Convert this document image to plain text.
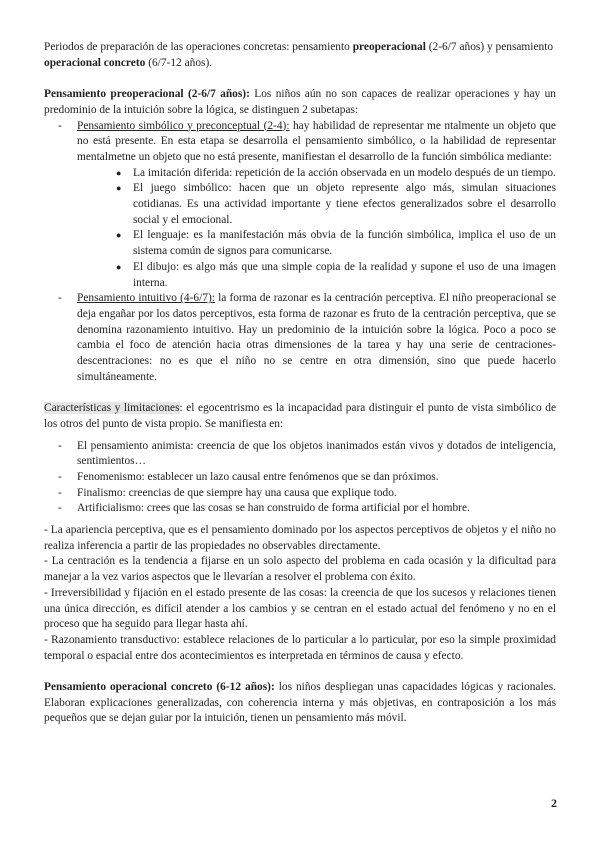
Periodos de preparación de las operaciones concretas: pensamiento preoperacional (2-6/7 años) y pensamiento operacional concreto (6/7-12 años).

Pensamiento preoperacional (2-6/7 años): Los niños aún no son capaces de realizar operaciones y hay un predominio de la intuición sobre la lógica, se distinguen 2 subetapas:

- Pensamiento simbólico y preconceptual (2-4): hay habilidad de representar me ntalmente un objeto que no está presente. En esta etapa se desarrolla el pensamiento simbólico, o la habilidad de representar mentalmetne un objeto que no está presente, manifiestan el desarrollo de la función simbólica mediante:
● La imitación diferida: repetición de la acción observada en un modelo después de un tiempo.
● El juego simbólico: hacen que un objeto represente algo más, simulan situaciones cotidianas. Es una actividad importante y tiene efectos generalizados sobre el desarrollo social y el emocional.
● El lenguaje: es la manifestación más obvia de la función simbólica, implica el uso de un sistema común de signos para comunicarse.
● El dibujo: es algo más que una simple copia de la realidad y supone el uso de una imagen interna.
- Pensamiento intuitivo (4-6/7): la forma de razonar es la centración perceptiva. El niño preoperacional se deja engañar por los datos perceptivos, esta forma de razonar es fruto de la centración perceptiva, que se denomina razonamiento intuitivo. Hay un predominio de la intuición sobre la lógica. Poco a poco se cambia el foco de atención hacia otras dimensiones de la tarea y hay una serie de centraciones-descentraciones: no es que el niño no se centre en otra dimensión, sino que puede hacerlo simultáneamente.

Características y limitaciones: el egocentrismo es la incapacidad para distinguir el punto de vista simbólico de los otros del punto de vista propio. Se manifiesta en:

- El pensamiento animista: creencia de que los objetos inanimados están vivos y dotados de inteligencia, sentimientos…
- Fenomenismo: establecer un lazo causal entre fenómenos que se dan próximos.
- Finalismo: creencias de que siempre hay una causa que explique todo.
- Artificialismo: crees que las cosas se han construido de forma artificial por el hombre.

- La apariencia perceptiva, que es el pensamiento dominado por los aspectos perceptivos de objetos y el niño no realiza inferencia a partir de las propiedades no observables directamente.

- La centración es la tendencia a fijarse en un solo aspecto del problema en cada ocasión y la dificultad para manejar a la vez varios aspectos que le llevarían a resolver el problema con éxito.

- Irreversibilidad y fijación en el estado presente de las cosas: la creencia de que los sucesos y relaciones tienen una única dirección, es difícil atender a los cambios y se centran en el estado actual del fenómeno y no en el proceso que ha seguido para llegar hasta ahí.

- Razonamiento transductivo: establece relaciones de lo particular a lo particular, por eso la simple proximidad temporal o espacial entre dos acontecimientos es interpretada en términos de causa y efecto.

Pensamiento operacional concreto (6-12 años): los niños despliegan unas capacidades lógicas y racionales. Elaboran explicaciones generalizadas, con coherencia interna y más objetivas, en contraposición a los más pequeños que se dejan guiar por la intuición, tienen un pensamiento más móvil.

2
